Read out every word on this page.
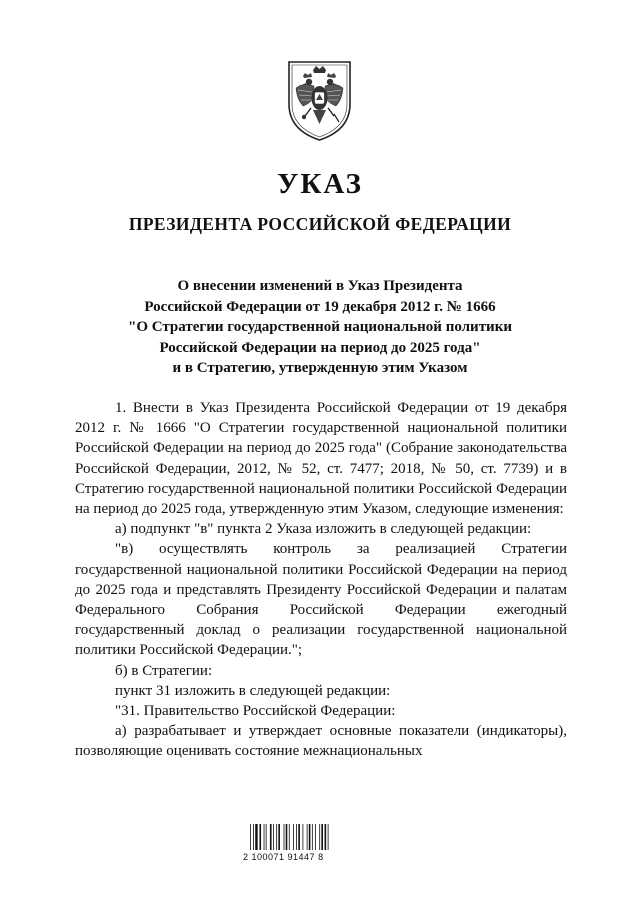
УКАЗ
ПРЕЗИДЕНТА РОССИЙСКОЙ ФЕДЕРАЦИИ
О внесении изменений в Указ Президента
Российской Федерации от 19 декабря 2012 г. № 1666
"О Стратегии государственной национальной политики
Российской Федерации на период до 2025 года"
и в Стратегию, утвержденную этим Указом

1. Внести в Указ Президента Российской Федерации от 19 декабря 2012 г. № 1666 "О Стратегии государственной национальной политики Российской Федерации на период до 2025 года" (Собрание законодательства Российской Федерации, 2012, № 52, ст. 7477; 2018, № 50, ст. 7739) и в Стратегию государственной национальной политики Российской Федерации на период до 2025 года, утвержденную этим Указом, следующие изменения:

а) подпункт "в" пункта 2 Указа изложить в следующей редакции:

"в) осуществлять контроль за реализацией Стратегии государственной национальной политики Российской Федерации на период до 2025 года и представлять Президенту Российской Федерации и палатам Федерального Собрания Российской Федерации ежегодный государственный доклад о реализации государственной национальной политики Российской Федерации.";

б) в Стратегии:

пункт 31 изложить в следующей редакции:

"31. Правительство Российской Федерации:

а) разрабатывает и утверждает основные показатели (индикаторы), позволяющие оценивать состояние межнациональных

2 100071 91447 8
